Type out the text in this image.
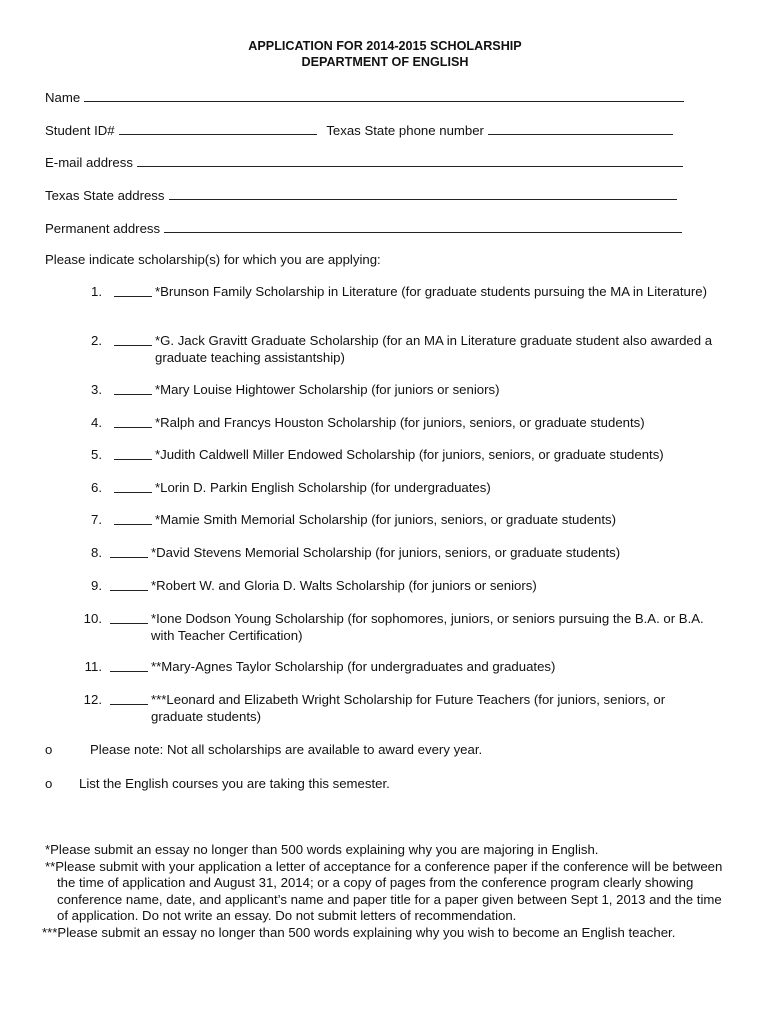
APPLICATION FOR 2014-2015 SCHOLARSHIP
DEPARTMENT OF ENGLISH
Name
Student ID#	Texas State phone number
E-mail address
Texas State address
Permanent address
Please indicate scholarship(s) for which you are applying:
1.	*Brunson Family Scholarship in Literature (for graduate students pursuing the MA in Literature)
2.	*G. Jack Gravitt Graduate Scholarship (for an MA in Literature graduate student also awarded a graduate teaching assistantship)
3.	*Mary Louise Hightower Scholarship (for juniors or seniors)
4.	*Ralph and Francys Houston Scholarship (for juniors, seniors, or graduate students)
5.	*Judith Caldwell Miller Endowed Scholarship (for juniors, seniors, or graduate students)
6.	*Lorin D. Parkin English Scholarship (for undergraduates)
7.	*Mamie Smith Memorial Scholarship (for juniors, seniors, or graduate students)
8.	*David Stevens Memorial Scholarship (for juniors, seniors, or graduate students)
9.	*Robert W. and Gloria D. Walts Scholarship (for juniors or seniors)
10.	*Ione Dodson Young Scholarship (for sophomores, juniors, or seniors pursuing the B.A. or B.A. with Teacher Certification)
11.	**Mary-Agnes Taylor Scholarship (for undergraduates and graduates)
12.	***Leonard and Elizabeth Wright Scholarship for Future Teachers (for juniors, seniors, or graduate students)
o	Please note: Not all scholarships are available to award every year.
o List the English courses you are taking this semester.

*Please submit an essay no longer than 500 words explaining why you are majoring in English.

**Please submit with your application a letter of acceptance for a conference paper if the conference will be between the time of application and August 31, 2014; or a copy of pages from the conference program clearly showing conference name, date, and applicant’s name and paper title for a paper given between Sept 1, 2013 and the time of application. Do not write an essay. Do not submit letters of recommendation.

***Please submit an essay no longer than 500 words explaining why you wish to become an English teacher.
